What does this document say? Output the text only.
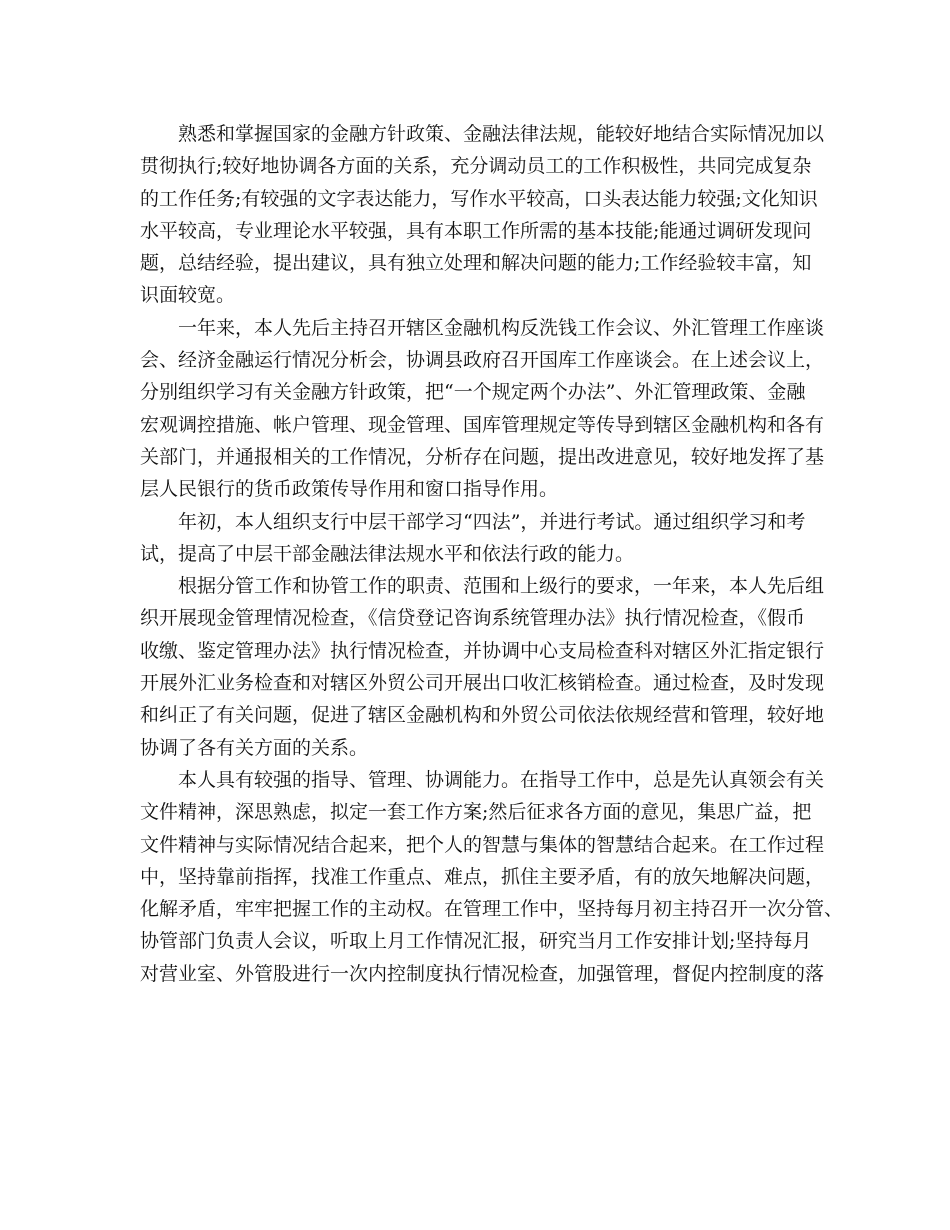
熟悉和掌握国家的金融方针政策、金融法律法规，能较好地结合实际情况加以
贯彻执行;较好地协调各方面的关系，充分调动员工的工作积极性，共同完成复杂
的工作任务;有较强的文字表达能力，写作水平较高，口头表达能力较强;文化知识
水平较高，专业理论水平较强，具有本职工作所需的基本技能;能通过调研发现问
题，总结经验，提出建议，具有独立处理和解决问题的能力;工作经验较丰富，知
识面较宽。
一年来，本人先后主持召开辖区金融机构反洗钱工作会议、外汇管理工作座谈
会、经济金融运行情况分析会，协调县政府召开国库工作座谈会。在上述会议上，
分别组织学习有关金融方针政策，把“一个规定两个办法”、外汇管理政策、金融
宏观调控措施、帐户管理、现金管理、国库管理规定等传导到辖区金融机构和各有
关部门，并通报相关的工作情况，分析存在问题，提出改进意见，较好地发挥了基
层人民银行的货币政策传导作用和窗口指导作用。
年初，本人组织支行中层干部学习“四法”，并进行考试。通过组织学习和考
试，提高了中层干部金融法律法规水平和依法行政的能力。
根据分管工作和协管工作的职责、范围和上级行的要求，一年来，本人先后组
织开展现金管理情况检查，《信贷登记咨询系统管理办法》执行情况检查，《假币
收缴、鉴定管理办法》执行情况检查，并协调中心支局检查科对辖区外汇指定银行
开展外汇业务检查和对辖区外贸公司开展出口收汇核销检查。通过检查，及时发现
和纠正了有关问题，促进了辖区金融机构和外贸公司依法依规经营和管理，较好地
协调了各有关方面的关系。
本人具有较强的指导、管理、协调能力。在指导工作中，总是先认真领会有关
文件精神，深思熟虑，拟定一套工作方案;然后征求各方面的意见，集思广益，把
文件精神与实际情况结合起来，把个人的智慧与集体的智慧结合起来。在工作过程
中，坚持靠前指挥，找准工作重点、难点，抓住主要矛盾，有的放矢地解决问题，
化解矛盾，牢牢把握工作的主动权。在管理工作中，坚持每月初主持召开一次分管、
协管部门负责人会议，听取上月工作情况汇报，研究当月工作安排计划;坚持每月
对营业室、外管股进行一次内控制度执行情况检查，加强管理，督促内控制度的落
